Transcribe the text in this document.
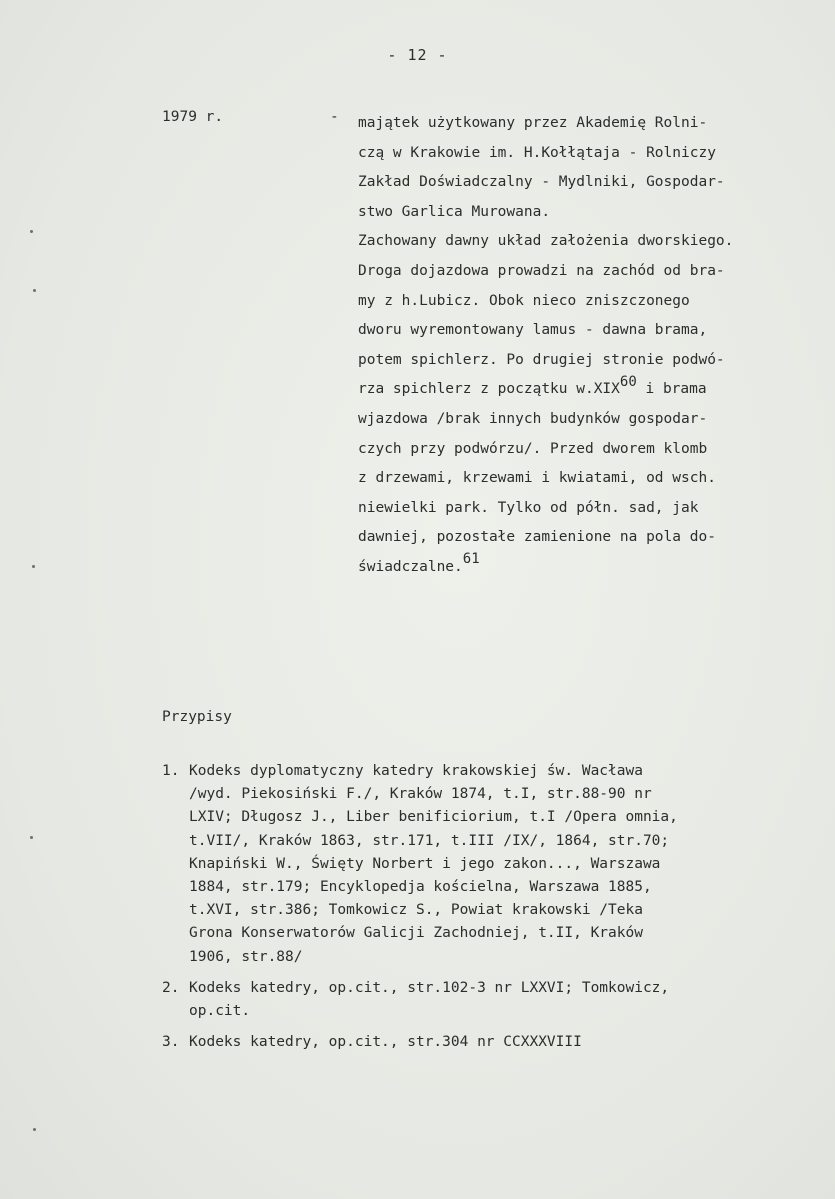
- 12 -
1979 r.	- majątek użytkowany przez Akademię Rolni-
czą w Krakowie im. H.Kołłątaja - Rolniczy
Zakład Doświadczalny - Mydlniki, Gospodar-
stwo Garlica Murowana.
Zachowany dawny układ założenia dworskiego.
Droga dojazdowa prowadzi na zachód od bra-
my z h.Lubicz. Obok nieco zniszczonego
dworu wyremontowany lamus - dawna brama,
potem spichlerz. Po drugiej stronie podwó-
rza spichlerz z początku w.XIX$^{60}$ i brama
wjazdowa /brak innych budynków gospodar-
czych przy podwórzu/. Przed dworem klomb
z drzewami, krzewami i kwiatami, od wsch.
niewielki park. Tylko od półn. sad, jak
dawniej, pozostałe zamienione na pola do-
świadczalne.$^{61}$
Przypisy
1. Kodeks dyplomatyczny katedry krakowskiej św. Wacława
/wyd. Piekosiński F./, Kraków 1874, t.I, str.88-90 nr
LXIV; Długosz J., Liber benificiorium, t.I /Opera omnia,
t.VII/, Kraków 1863, str.171, t.III /IX/, 1864, str.70;
Knapiński W., Święty Norbert i jego zakon..., Warszawa
1884, str.179; Encyklopedja kościelna, Warszawa 1885,
t.XVI, str.386; Tomkowicz S., Powiat krakowski /Teka
Grona Konserwatorów Galicji Zachodniej, t.II, Kraków
1906, str.88/
2. Kodeks katedry, op.cit., str.102-3 nr LXXVI; Tomkowicz,
op.cit.
3. Kodeks katedry, op.cit., str.304 nr CCXXXVIII
